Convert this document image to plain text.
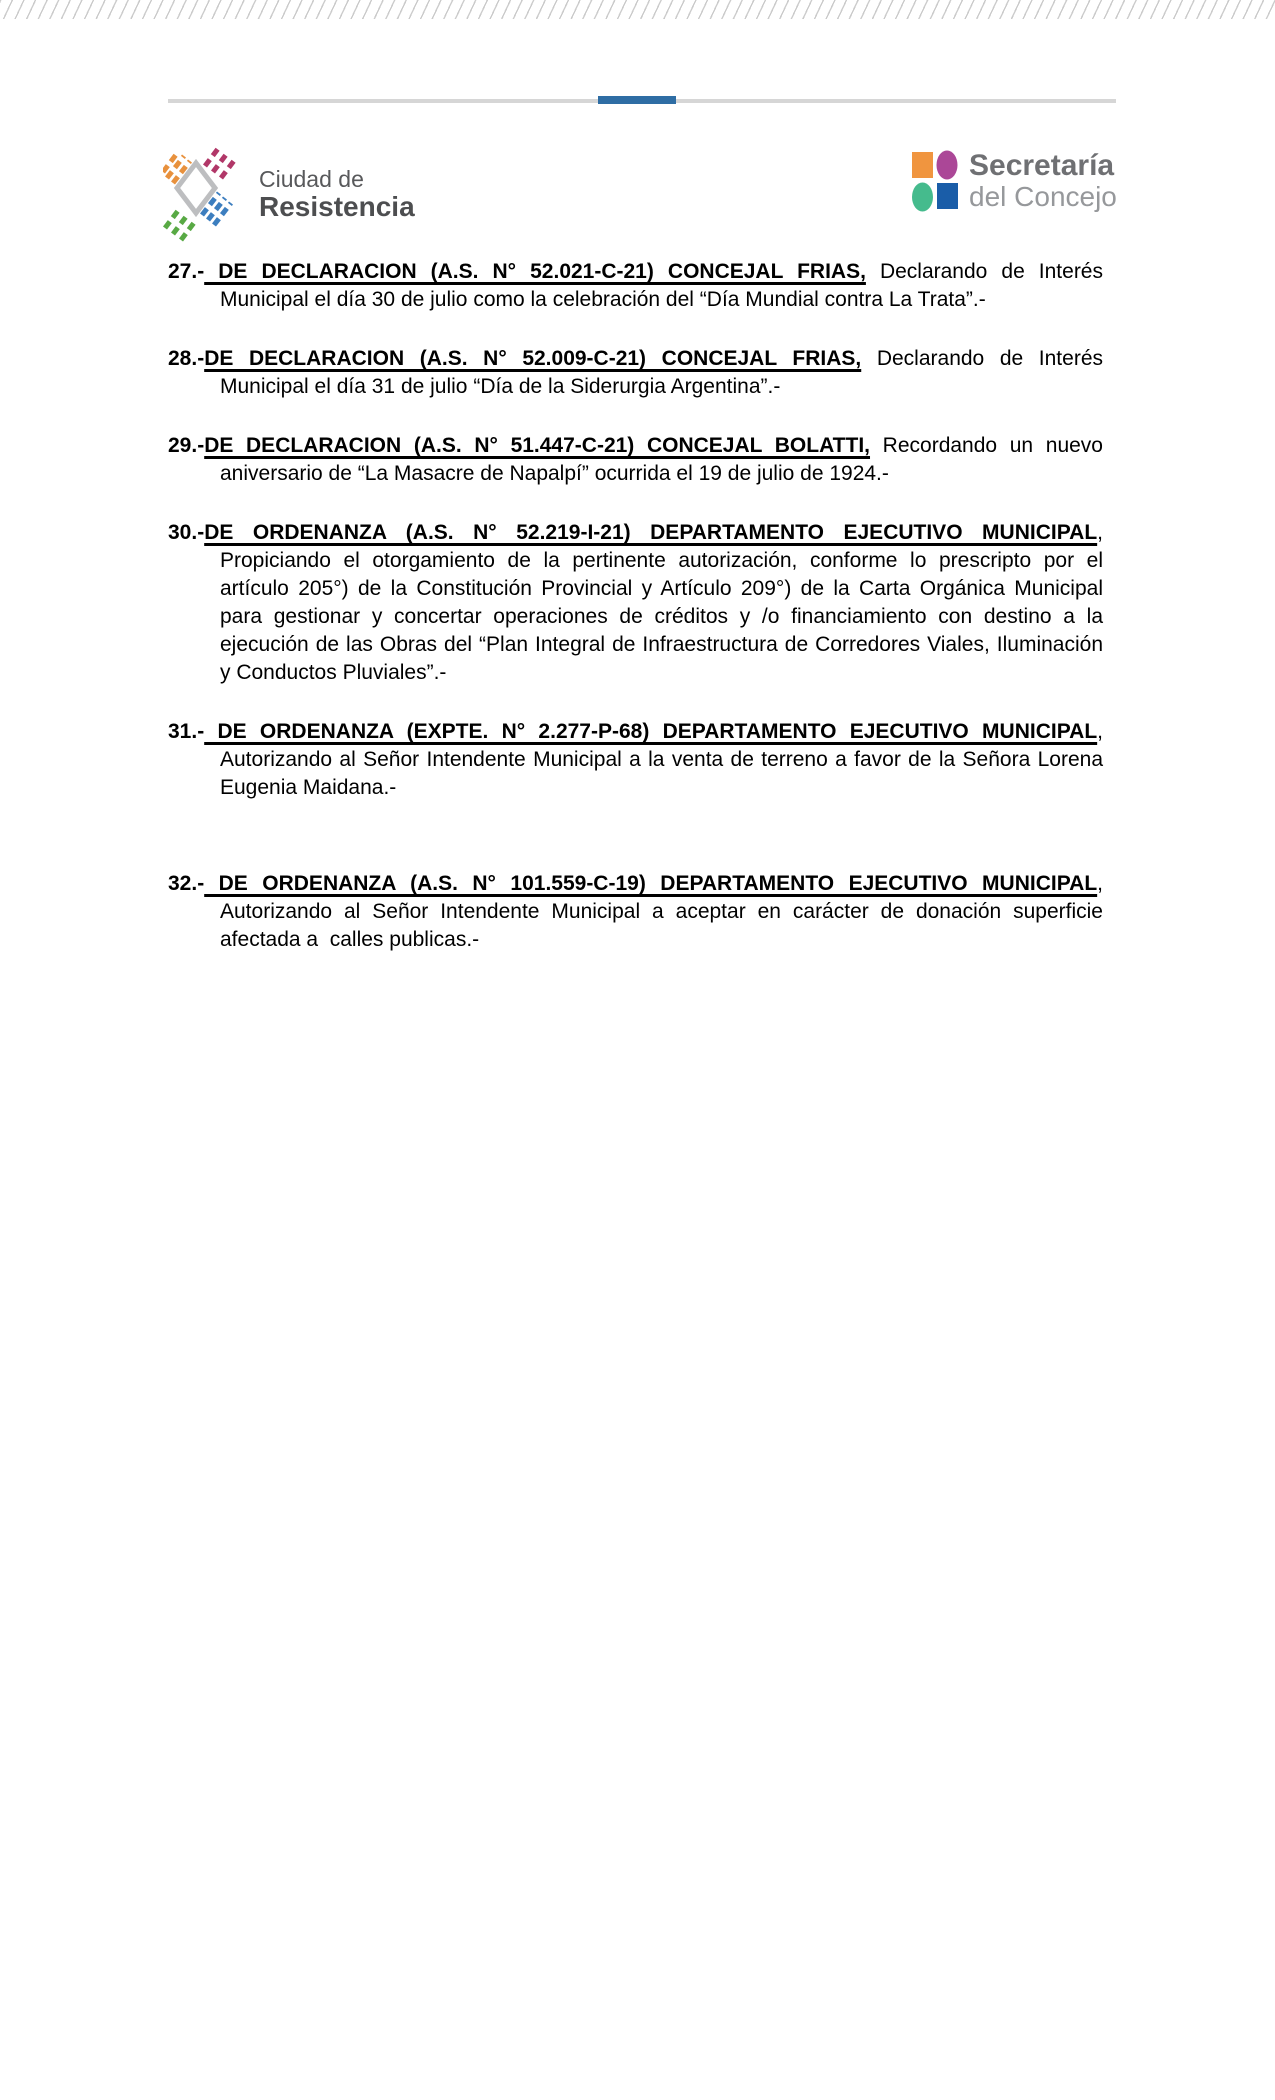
Ciudad de
Resistencia
Secretaría
del Concejo

27.- DE DECLARACION (A.S. N° 52.021-C-21) CONCEJAL FRIAS, Declarando de Interés Municipal el día 30 de julio como la celebración del “Día Mundial contra La Trata”.-

28.-DE DECLARACION (A.S. N° 52.009-C-21) CONCEJAL FRIAS, Declarando de Interés Municipal el día 31 de julio “Día de la Siderurgia Argentina”.-

29.-DE DECLARACION (A.S. N° 51.447-C-21) CONCEJAL BOLATTI, Recordando un nuevo aniversario de “La Masacre de Napalpí” ocurrida el 19 de julio de 1924.-

30.-DE ORDENANZA (A.S. N° 52.219-I-21) DEPARTAMENTO EJECUTIVO MUNICIPAL, Propiciando el otorgamiento de la pertinente autorización, conforme lo prescripto por el artículo 205°) de la Constitución Provincial y Artículo 209°) de la Carta Orgánica Municipal para gestionar y concertar operaciones de créditos y /o financiamiento con destino a la ejecución de las Obras del “Plan Integral de Infraestructura de Corredores Viales, Iluminación y Conductos Pluviales”.-

31.- DE ORDENANZA (EXPTE. N° 2.277-P-68) DEPARTAMENTO EJECUTIVO MUNICIPAL, Autorizando al Señor Intendente Municipal a la venta de terreno a favor de la Señora Lorena Eugenia Maidana.-

32.- DE ORDENANZA (A.S. N° 101.559-C-19) DEPARTAMENTO EJECUTIVO MUNICIPAL, Autorizando al Señor Intendente Municipal a aceptar en carácter de donación superficie afectada a  calles publicas.-
